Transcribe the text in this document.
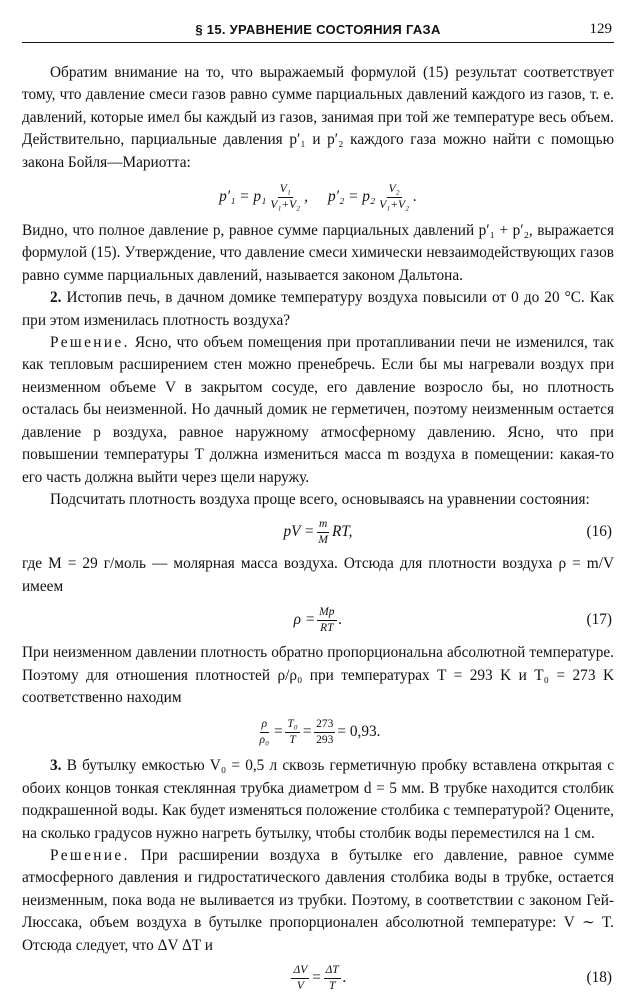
§ 15. УРАВНЕНИЕ СОСТОЯНИЯ ГАЗА	129

Обратим внимание на то, что выражаемый формулой (15) результат соответствует тому, что давление смеси газов равно сумме парциальных давлений каждого из газов, т. е. давлений, которые имел бы каждый из газов, занимая при той же температуре весь объем. Действительно, парциальные давления p′₁ и p′₂ каждого газа можно найти с помощью закона Бойля—Мариотта:

$p'_1 = p_1 \frac{\text{V₁}}{\text{V₁+V₂}}$ , $p'_2 = p_2 \frac{\text{V₂}}{\text{V₁+V₂}}$ .

Видно, что полное давление p, равное сумме парциальных давлений p′₁ + p′₂, выражается формулой (15). Утверждение, что давление смеси химически невзаимодействующих газов равно сумме парциальных давлений, называется законом Дальтона.

2. Истопив печь, в дачном домике температуру воздуха повысили от 0 до 20 °С. Как при этом изменилась плотность воздуха?

Решение. Ясно, что объем помещения при протапливании печи не изменился, так как тепловым расширением стен можно пренебречь. Если бы мы нагревали воздух при неизменном объеме V в закрытом сосуде, его давление возросло бы, но плотность осталась бы неизменной. Но дачный домик не герметичен, поэтому неизменным остается давление p воздуха, равное наружному атмосферному давлению. Ясно, что при повышении температуры T должна измениться масса m воздуха в помещении: какая-то его часть должна выйти через щели наружу.

Подсчитать плотность воздуха проще всего, основываясь на уравнении состояния:

pV = $\frac{m}{M}$ RT,	(16)

где M = 29 г/моль — молярная масса воздуха. Отсюда для плотности воздуха ρ = m/V имеем

$\rho = \frac{Mp}{RT}$ .	(17)

При неизменном давлении плотность обратно пропорциональна абсолютной температуре. Поэтому для отношения плотностей ρ/ρ₀ при температурах T = 293 K и T₀ = 273 K соответственно находим

$\frac{\rho}{\text{ρ₀}} = \frac{\text{T₀}}{T} = \frac{273}{293} = 0,93$.

3. В бутылку емкостью V₀ = 0,5 л сквозь герметичную пробку вставлена открытая с обоих концов тонкая стеклянная трубка диаметром d = 5 мм. В трубке находится столбик подкрашенной воды. Как будет изменяться положение столбика с температурой? Оцените, на сколько градусов нужно нагреть бутылку, чтобы столбик воды переместился на 1 см.

Решение. При расширении воздуха в бутылке его давление, равное сумме атмосферного давления и гидростатического давления столбика воды в трубке, остается неизменным, пока вода не выливается из трубки. Поэтому, в соответствии с законом Гей-Люссака, объем воздуха в бутылке пропорционален абсолютной температуре: V ∼ T. Отсюда следует, что ΔV ΔT и

$\frac{\Delta V}{V} = \frac{\Delta T}{T}$ .	(18)
